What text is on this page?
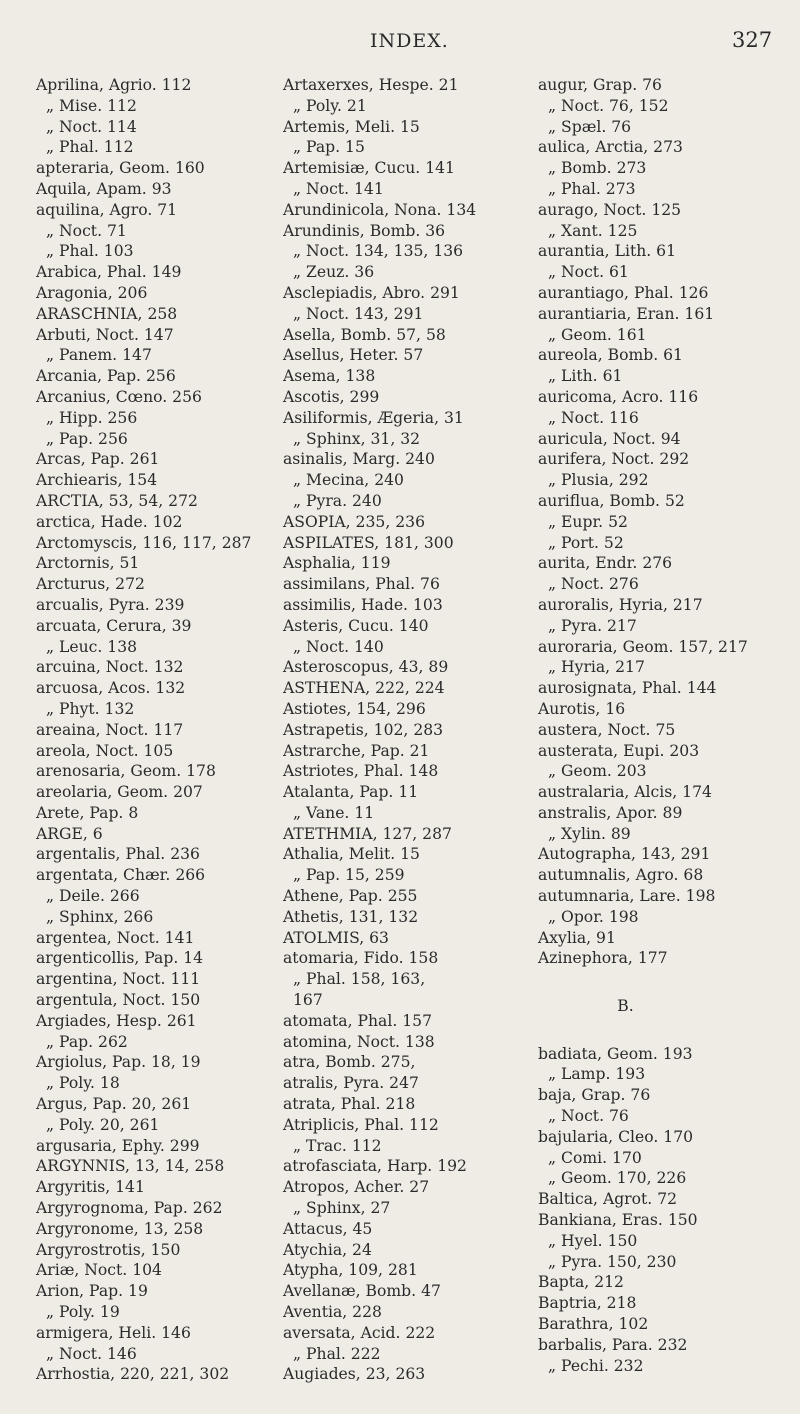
INDEX.	327
Aprilina, Agrio. 112
„ Mise. 112
„ Noct. 114
„ Phal. 112
apteraria, Geom. 160
Aquila, Apam. 93
aquilina, Agro. 71
„ Noct. 71
„ Phal. 103
Arabica, Phal. 149
Aragonia, 206
ARASCHNIA, 258
Arbuti, Noct. 147
„ Panem. 147
Arcania, Pap. 256
Arcanius, Cœno. 256
„ Hipp. 256
„ Pap. 256
Arcas, Pap. 261
Archiearis, 154
ARCTIA, 53, 54, 272
arctica, Hade. 102
Arctomyscis, 116, 117, 287
Arctornis, 51
Arcturus, 272
arcualis, Pyra. 239
arcuata, Cerura, 39
„ Leuc. 138
arcuina, Noct. 132
arcuosa, Acos. 132
„ Phyt. 132
areaina, Noct. 117
areola, Noct. 105
arenosaria, Geom. 178
areolaria, Geom. 207
Arete, Pap. 8
ARGE, 6
argentalis, Phal. 236
argentata, Chær. 266
„ Deile. 266
„ Sphinx, 266
argentea, Noct. 141
argenticollis, Pap. 14
argentina, Noct. 111
argentula, Noct. 150
Argiades, Hesp. 261
„ Pap. 262
Argiolus, Pap. 18, 19
„ Poly. 18
Argus, Pap. 20, 261
„ Poly. 20, 261
argusaria, Ephy. 299
ARGYNNIS, 13, 14, 258
Argyritis, 141
Argyrognoma, Pap. 262
Argyronome, 13, 258
Argyrostrotis, 150
Ariæ, Noct. 104
Arion, Pap. 19
„ Poly. 19
armigera, Heli. 146
„ Noct. 146
Arrhostia, 220, 221, 302
Artaxerxes, Hespe. 21
„ Poly. 21
Artemis, Meli. 15
„ Pap. 15
Artemisiæ, Cucu. 141
„ Noct. 141
Arundinicola, Nona. 134
Arundinis, Bomb. 36
„ Noct. 134, 135, 136
„ Zeuz. 36
Asclepiadis, Abro. 291
„ Noct. 143, 291
Asella, Bomb. 57, 58
Asellus, Heter. 57
Asema, 138
Ascotis, 299
Asiliformis, Ægeria, 31
„ Sphinx, 31, 32
asinalis, Marg. 240
„ Mecina, 240
„ Pyra. 240
ASOPIA, 235, 236
ASPILATES, 181, 300
Asphalia, 119
assimilans, Phal. 76
assimilis, Hade. 103
Asteris, Cucu. 140
„ Noct. 140
Asteroscopus, 43, 89
ASTHENA, 222, 224
Astiotes, 154, 296
Astrapetis, 102, 283
Astrarche, Pap. 21
Astriotes, Phal. 148
Atalanta, Pap. 11
„ Vane. 11
ATETHMIA, 127, 287
Athalia, Melit. 15
„ Pap. 15, 259
Athene, Pap. 255
Athetis, 131, 132
ATOLMIS, 63
atomaria, Fido. 158
„ Phal. 158, 163,
167
atomata, Phal. 157
atomina, Noct. 138
atra, Bomb. 275,
atralis, Pyra. 247
atrata, Phal. 218
Atriplicis, Phal. 112
„ Trac. 112
atrofasciata, Harp. 192
Atropos, Acher. 27
„ Sphinx, 27
Attacus, 45
Atychia, 24
Atypha, 109, 281
Avellanæ, Bomb. 47
Aventia, 228
aversata, Acid. 222
„ Phal. 222
Augiades, 23, 263
augur, Grap. 76
„ Noct. 76, 152
„ Spæl. 76
aulica, Arctia, 273
„ Bomb. 273
„ Phal. 273
aurago, Noct. 125
„ Xant. 125
aurantia, Lith. 61
„ Noct. 61
aurantiago, Phal. 126
aurantiaria, Eran. 161
„ Geom. 161
aureola, Bomb. 61
„ Lith. 61
auricoma, Acro. 116
„ Noct. 116
auricula, Noct. 94
aurifera, Noct. 292
„ Plusia, 292
auriflua, Bomb. 52
„ Eupr. 52
„ Port. 52
aurita, Endr. 276
„ Noct. 276
auroralis, Hyria, 217
„ Pyra. 217
auroraria, Geom. 157, 217
„ Hyria, 217
aurosignata, Phal. 144
Aurotis, 16
austera, Noct. 75
austerata, Eupi. 203
„ Geom. 203
australaria, Alcis, 174
anstralis, Apor. 89
„ Xylin. 89
Autographa, 143, 291
autumnalis, Agro. 68
autumnaria, Lare. 198
„ Opor. 198
Axylia, 91
Azinephora, 177
B.
badiata, Geom. 193
„ Lamp. 193
baja, Grap. 76
„ Noct. 76
bajularia, Cleo. 170
„ Comi. 170
„ Geom. 170, 226
Baltica, Agrot. 72
Bankiana, Eras. 150
„ Hyel. 150
„ Pyra. 150, 230
Bapta, 212
Baptria, 218
Barathra, 102
barbalis, Para. 232
„ Pechi. 232
